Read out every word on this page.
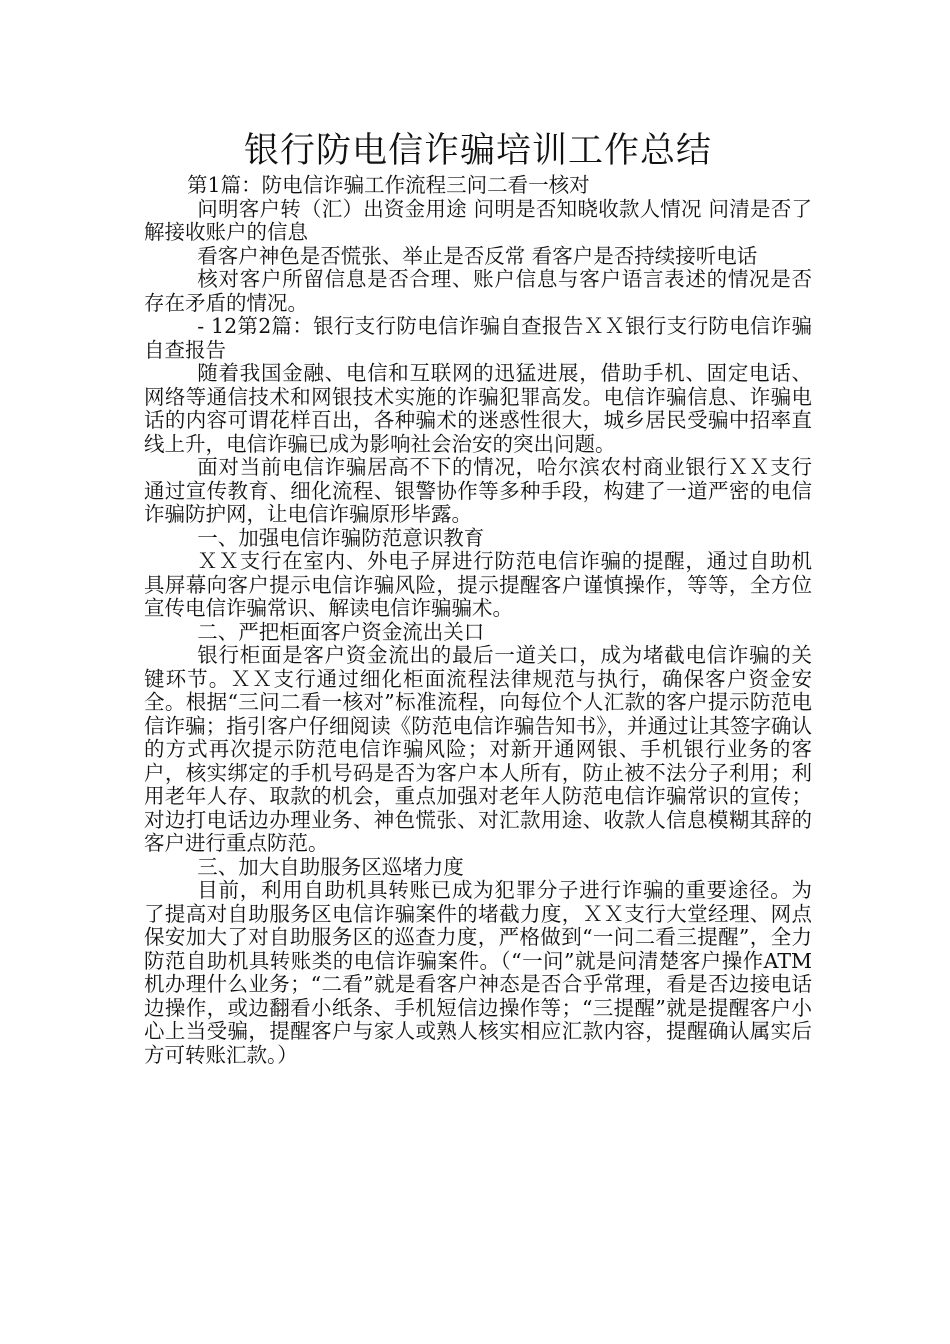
银行防电信诈骗培训工作总结

第1篇：防电信诈骗工作流程三问二看一核对

问明客户转（汇）出资金用途 问明是否知晓收款人情况 问清是否了解接收账户的信息

看客户神色是否慌张、举止是否反常 看客户是否持续接听电话

核对客户所留信息是否合理、账户信息与客户语言表述的情况是否存在矛盾的情况。

- 12第2篇：银行支行防电信诈骗自查报告ＸＸ银行支行防电信诈骗自查报告

随着我国金融、电信和互联网的迅猛进展，借助手机、固定电话、网络等通信技术和网银技术实施的诈骗犯罪高发。电信诈骗信息、诈骗电话的内容可谓花样百出，各种骗术的迷惑性很大，城乡居民受骗中招率直线上升，电信诈骗已成为影响社会治安的突出问题。

面对当前电信诈骗居高不下的情况，哈尔滨农村商业银行ＸＸ支行通过宣传教育、细化流程、银警协作等多种手段，构建了一道严密的电信诈骗防护网，让电信诈骗原形毕露。

一、加强电信诈骗防范意识教育

ＸＸ支行在室内、外电子屏进行防范电信诈骗的提醒，通过自助机具屏幕向客户提示电信诈骗风险，提示提醒客户谨慎操作，等等，全方位宣传电信诈骗常识、解读电信诈骗骗术。

二、严把柜面客户资金流出关口

银行柜面是客户资金流出的最后一道关口，成为堵截电信诈骗的关键环节。ＸＸ支行通过细化柜面流程法律规范与执行，确保客户资金安全。根据“三问二看一核对”标准流程，向每位个人汇款的客户提示防范电信诈骗；指引客户仔细阅读《防范电信诈骗告知书》，并通过让其签字确认的方式再次提示防范电信诈骗风险；对新开通网银、手机银行业务的客户，核实绑定的手机号码是否为客户本人所有，防止被不法分子利用；利用老年人存、取款的机会，重点加强对老年人防范电信诈骗常识的宣传；对边打电话边办理业务、神色慌张、对汇款用途、收款人信息模糊其辞的客户进行重点防范。

三、加大自助服务区巡堵力度

目前，利用自助机具转账已成为犯罪分子进行诈骗的重要途径。为了提高对自助服务区电信诈骗案件的堵截力度，ＸＸ支行大堂经理、网点保安加大了对自助服务区的巡查力度，严格做到“一问二看三提醒”，全力防范自助机具转账类的电信诈骗案件。（“一问”就是问清楚客户操作ATM 机办理什么业务；“二看”就是看客户神态是否合乎常理，看是否边接电话边操作，或边翻看小纸条、手机短信边操作等；“三提醒”就是提醒客户小心上当受骗，提醒客户与家人或熟人核实相应汇款内容，提醒确认属实后方可转账汇款。）
